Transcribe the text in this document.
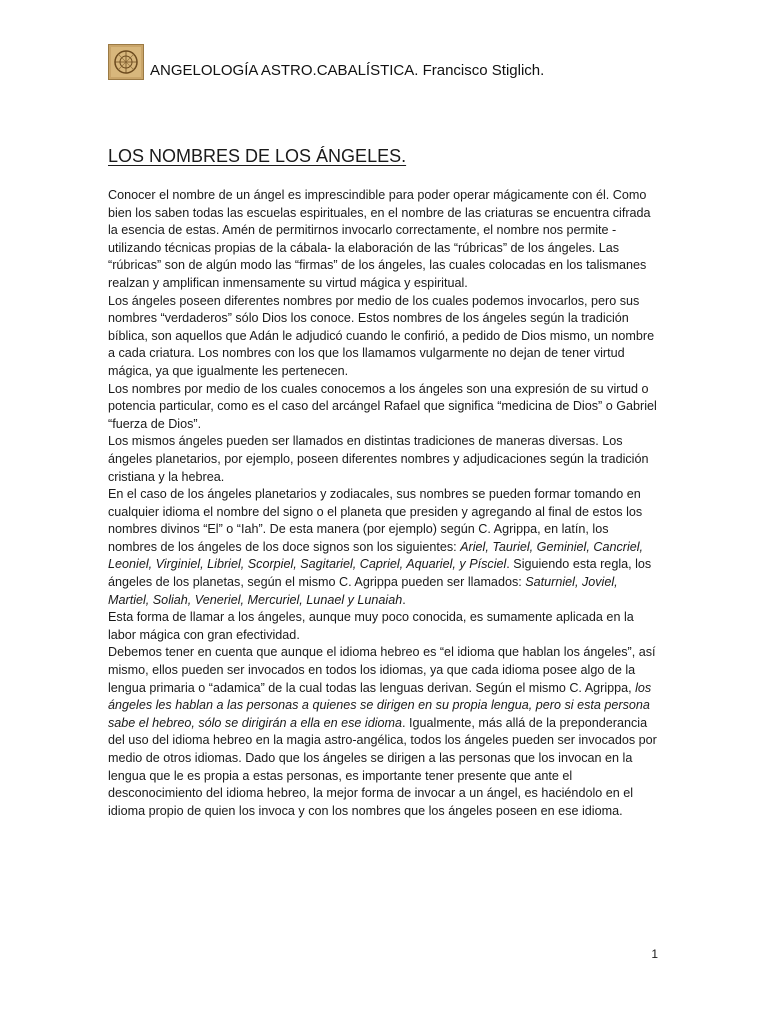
ANGELOLOGÍA ASTRO.CABALÍSTICA. Francisco Stiglich.
LOS NOMBRES DE LOS ÁNGELES.

Conocer el nombre de un ángel es imprescindible para poder operar mágicamente con él. Como bien los saben todas las escuelas espirituales, en el nombre de las criaturas se encuentra cifrada la esencia de estas. Amén de permitirnos invocarlo correctamente, el nombre nos permite -utilizando técnicas propias de la cábala- la elaboración de las “rúbricas” de los ángeles. Las “rúbricas” son de algún modo las “firmas” de los ángeles, las cuales colocadas en los talismanes realzan y amplifican inmensamente su virtud mágica y espiritual.

Los ángeles poseen diferentes nombres por medio de los cuales podemos invocarlos, pero sus nombres “verdaderos” sólo Dios los conoce. Estos nombres de los ángeles según la tradición bíblica, son aquellos que Adán le adjudicó cuando le confirió, a pedido de Dios mismo, un nombre a cada criatura. Los nombres con los que los llamamos vulgarmente no dejan de tener virtud mágica, ya que igualmente les pertenecen.

Los nombres por medio de los cuales conocemos a los ángeles son una expresión de su virtud o potencia particular, como es el caso del arcángel Rafael que significa “medicina de Dios” o Gabriel “fuerza de Dios”.

Los mismos ángeles pueden ser llamados en distintas tradiciones de maneras diversas. Los ángeles planetarios, por ejemplo, poseen diferentes nombres y adjudicaciones según la tradición cristiana y la hebrea.

En el caso de los ángeles planetarios y zodiacales, sus nombres se pueden formar tomando en cualquier idioma el nombre del signo o el planeta que presiden y agregando al final de estos los nombres divinos “El” o “Iah”. De esta manera (por ejemplo) según C. Agrippa, en latín, los nombres de los ángeles de los doce signos son los siguientes: Ariel, Tauriel, Geminiel, Cancriel, Leoniel, Virginiel, Libriel, Scorpiel, Sagitariel, Capriel, Aquariel, y Písciel. Siguiendo esta regla, los ángeles de los planetas, según el mismo C. Agrippa pueden ser llamados: Saturniel, Joviel, Martiel, Soliah, Veneriel, Mercuriel, Lunael y Lunaiah.

Esta forma de llamar a los ángeles, aunque muy poco conocida, es sumamente aplicada en la labor mágica con gran efectividad.

Debemos tener en cuenta que aunque el idioma hebreo es “el idioma que hablan los ángeles”, así mismo, ellos pueden ser invocados en todos los idiomas, ya que cada idioma posee algo de la lengua primaria o “adamica” de la cual todas las lenguas derivan. Según el mismo C. Agrippa, los ángeles les hablan a las personas a quienes se dirigen en su propia lengua, pero si esta persona sabe el hebreo, sólo se dirigirán a ella en ese idioma. Igualmente, más allá de la preponderancia del uso del idioma hebreo en la magia astro-angélica, todos los ángeles pueden ser invocados por medio de otros idiomas. Dado que los ángeles se dirigen a las personas que los invocan en la lengua que le es propia a estas personas, es importante tener presente que ante el desconocimiento del idioma hebreo, la mejor forma de invocar a un ángel, es haciéndolo en el idioma propio de quien los invoca y con los nombres que los ángeles poseen en ese idioma.

1
